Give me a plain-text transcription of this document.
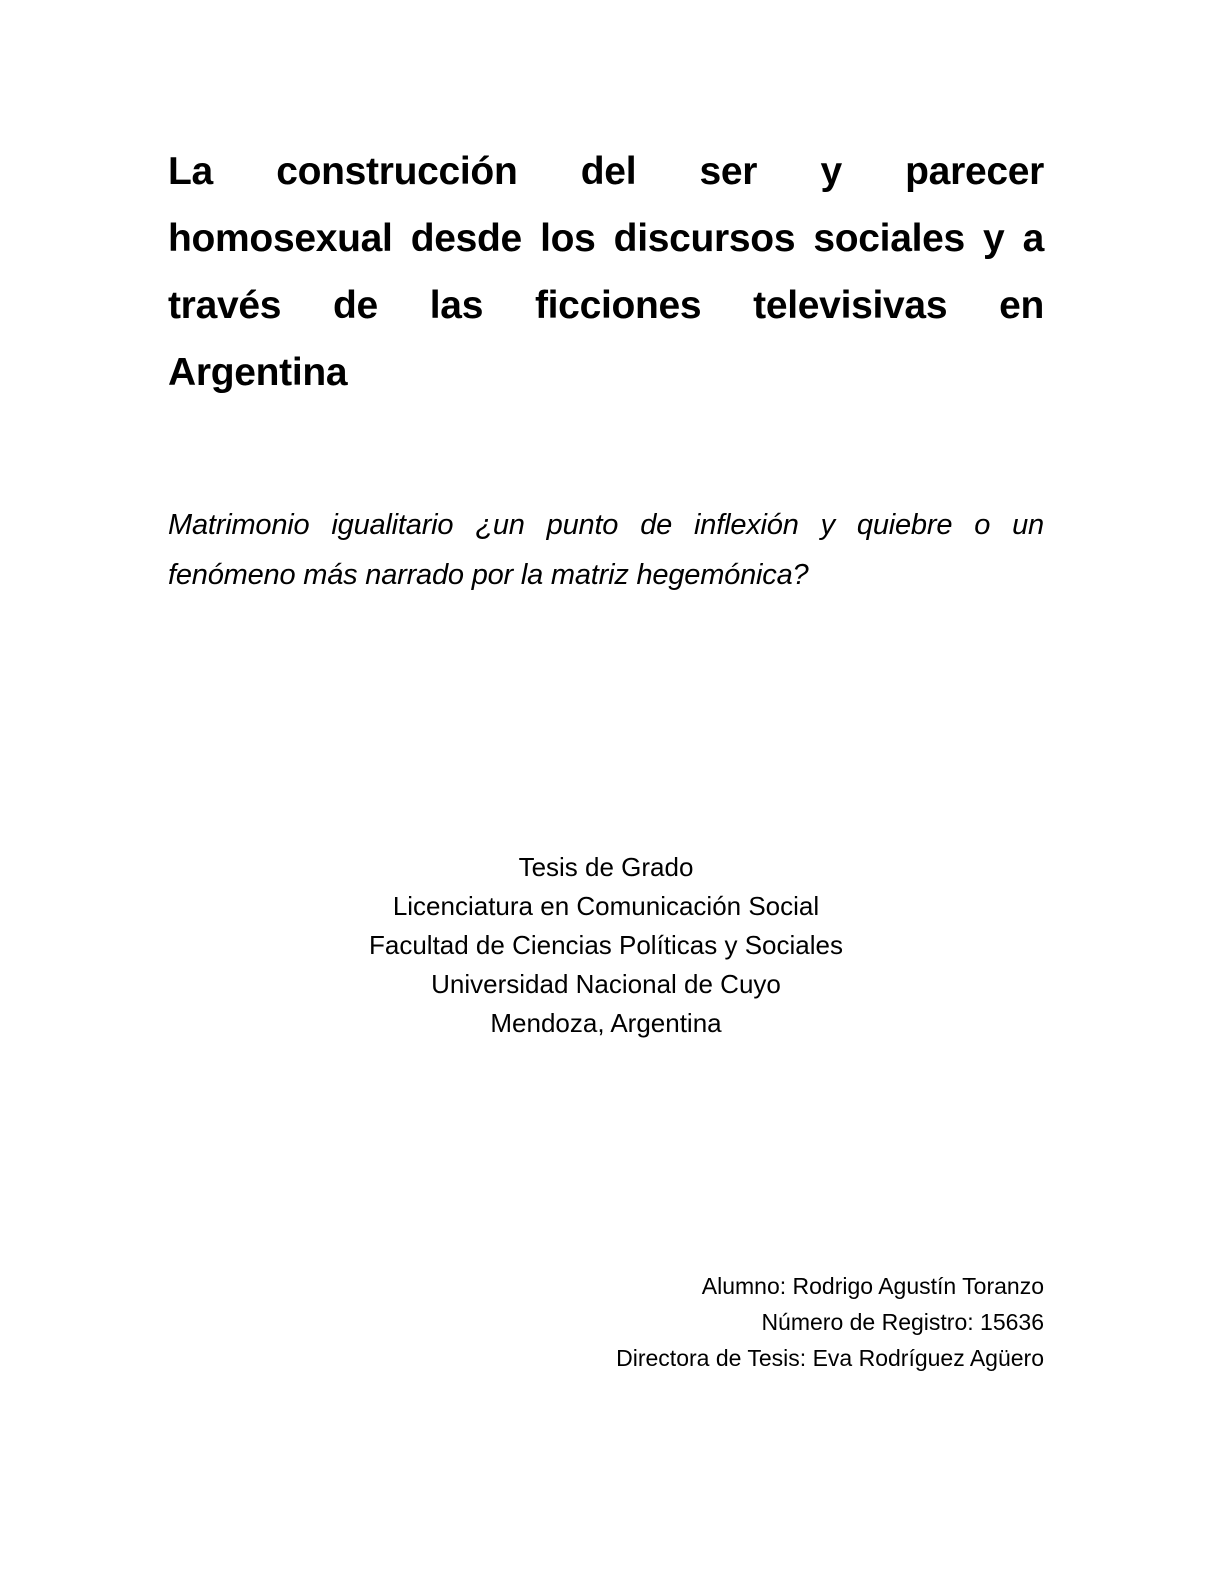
La construcción del ser y parecer
homosexual desde los discursos sociales y a
través de las ficciones televisivas en
Argentina

Matrimonio igualitario ¿un punto de inflexión y quiebre o un
fenómeno más narrado por la matriz hegemónica?

Tesis de Grado
Licenciatura en Comunicación Social
Facultad de Ciencias Políticas y Sociales
Universidad Nacional de Cuyo
Mendoza, Argentina
Alumno: Rodrigo Agustín Toranzo
Número de Registro: 15636
Directora de Tesis: Eva Rodríguez Agüero
